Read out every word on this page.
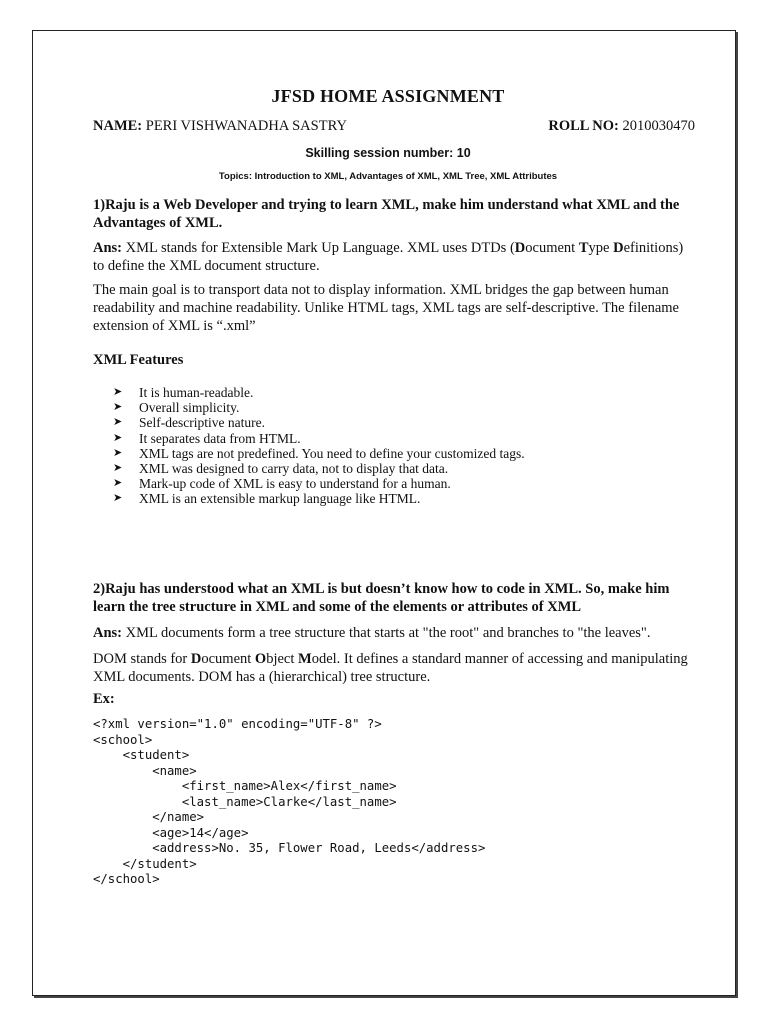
JFSD HOME ASSIGNMENT
NAME: PERI VISHWANADHA SASTRY	ROLL NO: 2010030470
Skilling session number: 10
Topics: Introduction to XML, Advantages of XML, XML Tree, XML Attributes
1)Raju is a Web Developer and trying to learn XML, make him understand what XML and the Advantages of XML.
Ans: XML stands for Extensible Mark Up Language. XML uses DTDs (Document Type Definitions) to define the XML document structure.
The main goal is to transport data not to display information. XML bridges the gap between human readability and machine readability. Unlike HTML tags, XML tags are self-descriptive. The filename extension of XML is “.xml”
XML Features
➤ It is human-readable.
➤ Overall simplicity.
➤ Self-descriptive nature.
➤ It separates data from HTML.
➤ XML tags are not predefined. You need to define your customized tags.
➤ XML was designed to carry data, not to display that data.
➤ Mark-up code of XML is easy to understand for a human.
➤ XML is an extensible markup language like HTML.
2)Raju has understood what an XML is but doesn’t know how to code in XML. So, make him learn the tree structure in XML and some of the elements or attributes of XML
Ans: XML documents form a tree structure that starts at "the root" and branches to "the leaves".
DOM stands for Document Object Model. It defines a standard manner of accessing and manipulating XML documents. DOM has a (hierarchical) tree structure.
Ex:
<?xml version="1.0" encoding="UTF-8" ?>
<school>
<student>
<name>
<first_name>Alex</first_name>
<last_name>Clarke</last_name>
</name>
<age>14</age>
<address>No. 35, Flower Road, Leeds</address>
</student>
</school>
